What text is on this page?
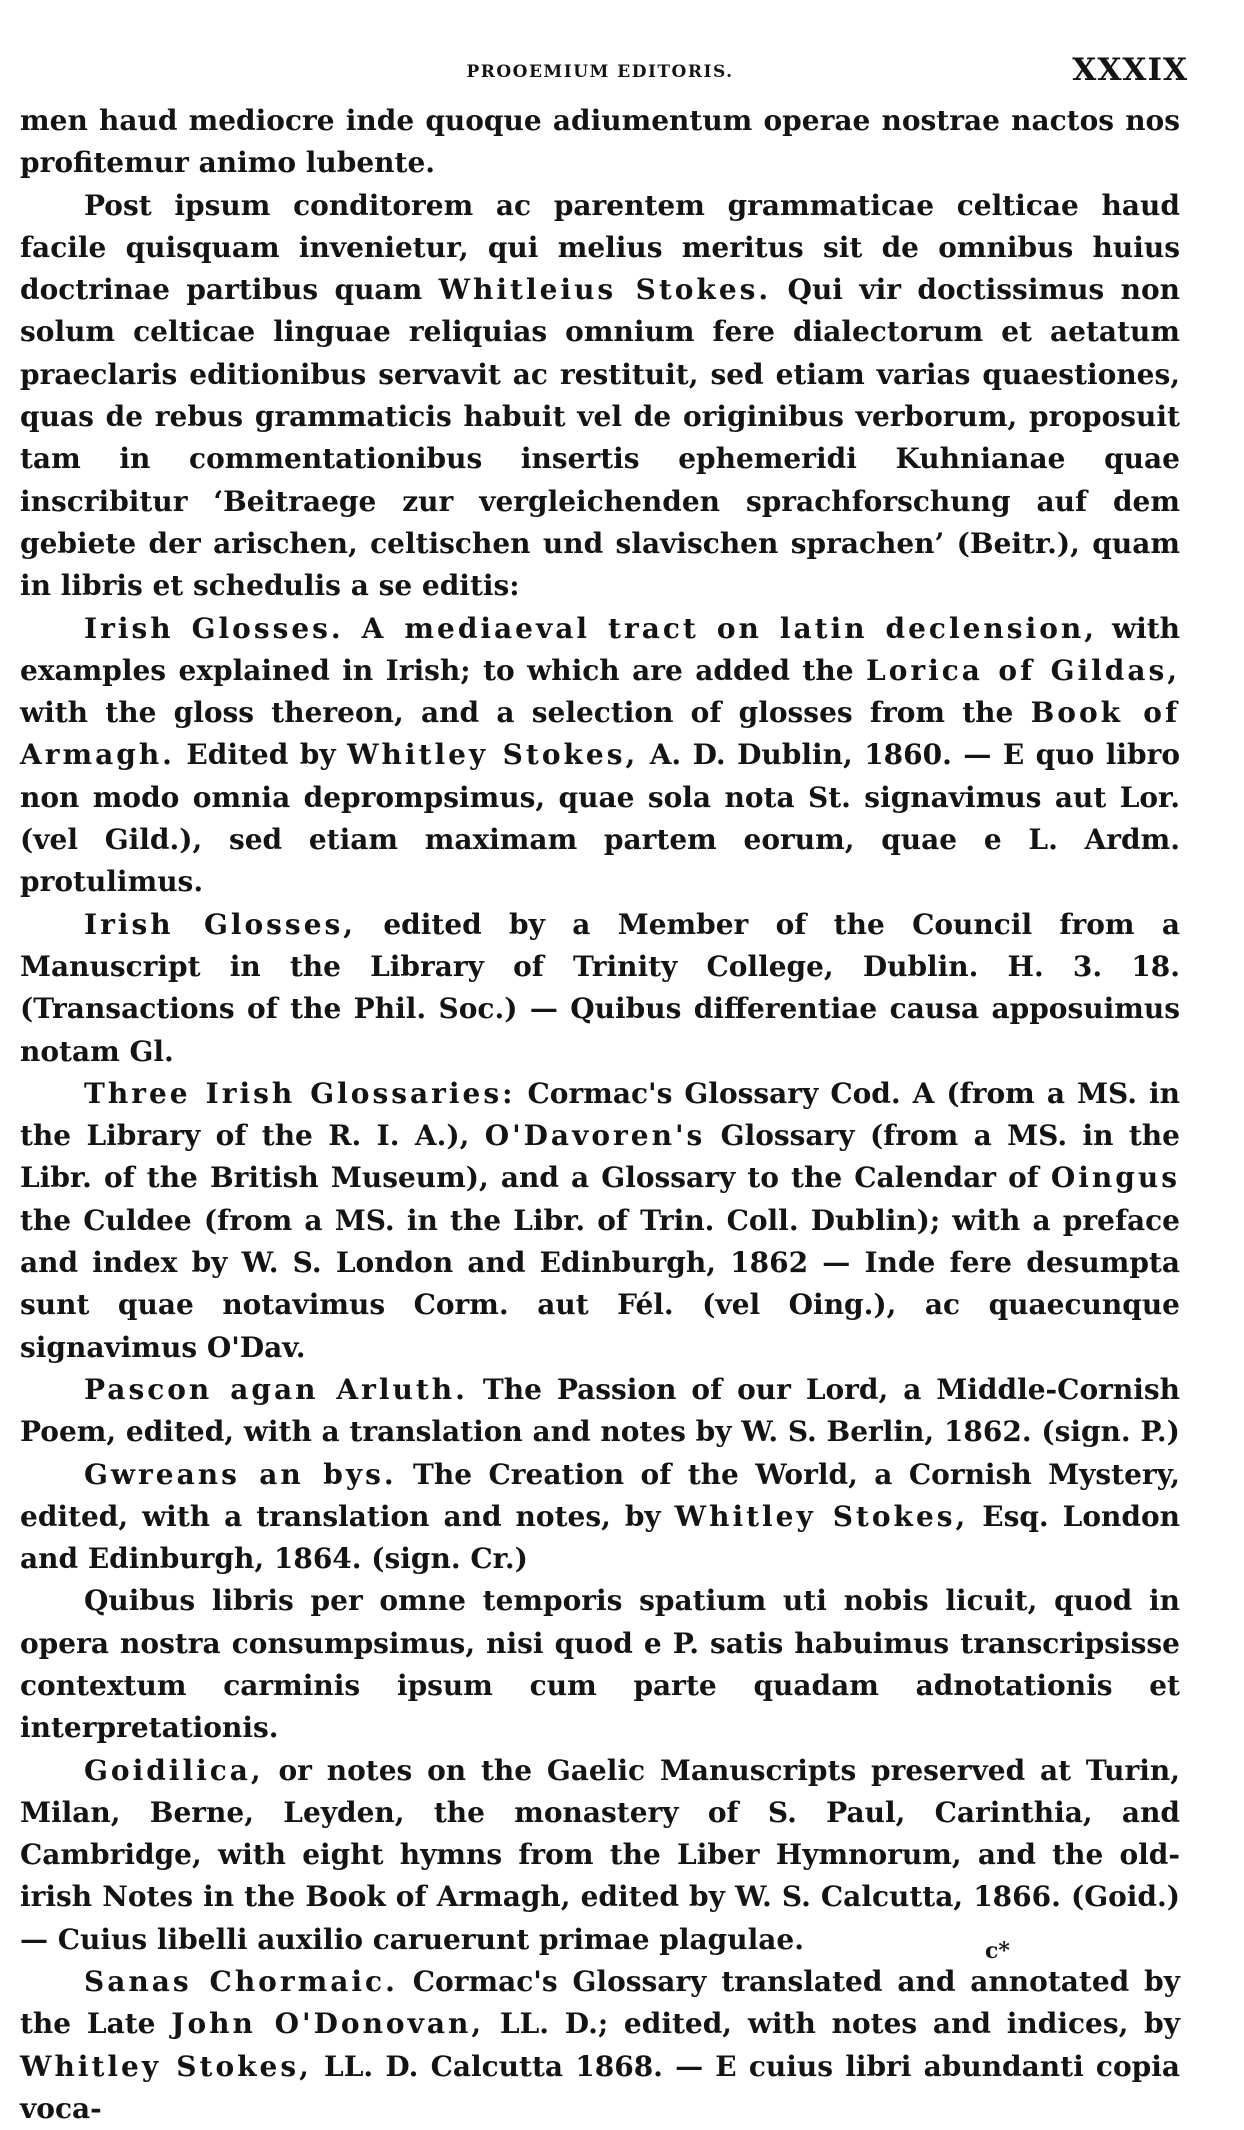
PROOEMIUM EDITORIS.	XXXIX

men haud mediocre inde quoque adiumentum operae nostrae nactos nos profitemur animo lubente.

Post ipsum conditorem ac parentem grammaticae celticae haud facile quisquam invenietur, qui melius meritus sit de omnibus huius doctrinae partibus quam Whitleius Stokes. Qui vir doctissimus non solum celticae linguae reliquias omnium fere dialectorum et aetatum praeclaris editionibus servavit ac restituit, sed etiam varias quaestiones, quas de rebus grammaticis habuit vel de originibus verborum, proposuit tam in commentationibus insertis ephemeridi Kuhnianae quae inscribitur ‘Beitraege zur vergleichenden sprachforschung auf dem gebiete der arischen, celtischen und slavischen sprachen’ (Beitr.), quam in libris et schedulis a se editis:

Irish Glosses. A mediaeval tract on latin declension, with examples explained in Irish; to which are added the Lorica of Gildas, with the gloss thereon, and a selection of glosses from the Book of Armagh. Edited by Whitley Stokes, A. D. Dublin, 1860. — E quo libro non modo omnia deprompsimus, quae sola nota St. signavimus aut Lor. (vel Gild.), sed etiam maximam partem eorum, quae e L. Ardm. protulimus.

Irish Glosses, edited by a Member of the Council from a Manuscript in the Library of Trinity College, Dublin. H. 3. 18. (Transactions of the Phil. Soc.) — Quibus differentiae causa apposuimus notam Gl.

Three Irish Glossaries: Cormac's Glossary Cod. A (from a MS. in the Library of the R. I. A.), O'Davoren's Glossary (from a MS. in the Libr. of the British Museum), and a Glossary to the Calendar of Oingus the Culdee (from a MS. in the Libr. of Trin. Coll. Dublin); with a preface and index by W. S. London and Edinburgh, 1862 — Inde fere desumpta sunt quae notavimus Corm. aut Fél. (vel Oing.), ac quaecunque signavimus O'Dav.

Pascon agan Arluth. The Passion of our Lord, a Middle-Cornish Poem, edited, with a translation and notes by W. S. Berlin, 1862. (sign. P.)

Gwreans an bys. The Creation of the World, a Cornish Mystery, edited, with a translation and notes, by Whitley Stokes, Esq. London and Edinburgh, 1864. (sign. Cr.)

Quibus libris per omne temporis spatium uti nobis licuit, quod in opera nostra consumpsimus, nisi quod e P. satis habuimus transcripsisse contextum carminis ipsum cum parte quadam adnotationis et interpretationis.

Goidilica, or notes on the Gaelic Manuscripts preserved at Turin, Milan, Berne, Leyden, the monastery of S. Paul, Carinthia, and Cambridge, with eight hymns from the Liber Hymnorum, and the old-irish Notes in the Book of Armagh, edited by W. S. Calcutta, 1866. (Goid.) — Cuius libelli auxilio caruerunt primae plagulae.

Sanas Chormaic. Cormac's Glossary translated and annotated by the Late John O'Donovan, LL. D.; edited, with notes and indices, by Whitley Stokes, LL. D. Calcutta 1868. — E cuius libri abundanti copia voca-

c*
